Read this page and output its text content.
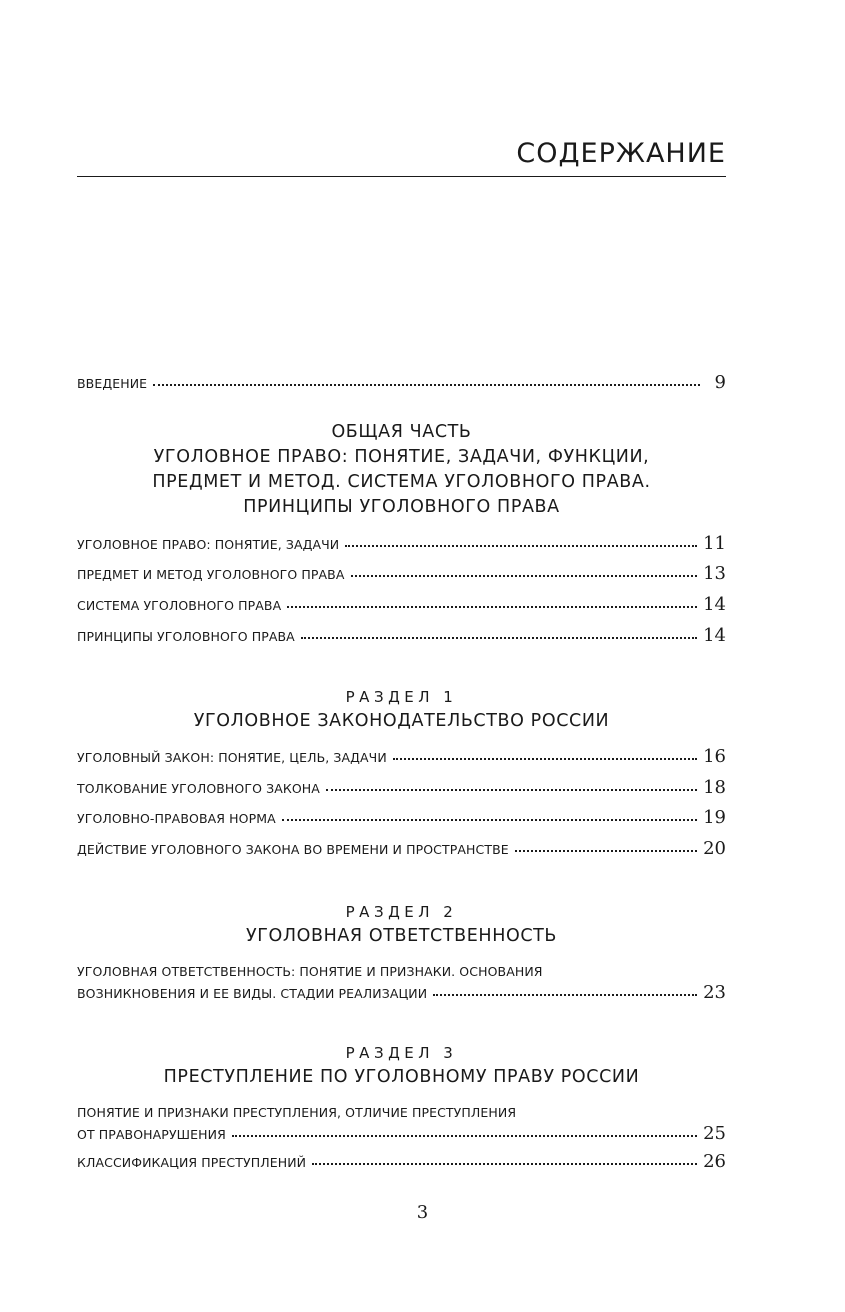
СОДЕРЖАНИЕ
ВВЕДЕНИЕ	9
ОБЩАЯ ЧАСТЬ
УГОЛОВНОЕ ПРАВО: ПОНЯТИЕ, ЗАДАЧИ, ФУНКЦИИ,
ПРЕДМЕТ И МЕТОД. СИСТЕМА УГОЛОВНОГО ПРАВА.
ПРИНЦИПЫ УГОЛОВНОГО ПРАВА
УГОЛОВНОЕ ПРАВО: ПОНЯТИЕ, ЗАДАЧИ	11
ПРЕДМЕТ И МЕТОД УГОЛОВНОГО ПРАВА	13
СИСТЕМА УГОЛОВНОГО ПРАВА	14
ПРИНЦИПЫ УГОЛОВНОГО ПРАВА	14
РАЗДЕЛ 1
УГОЛОВНОЕ ЗАКОНОДАТЕЛЬСТВО РОССИИ
УГОЛОВНЫЙ ЗАКОН: ПОНЯТИЕ, ЦЕЛЬ, ЗАДАЧИ	16
ТОЛКОВАНИЕ УГОЛОВНОГО ЗАКОНА	18
УГОЛОВНО-ПРАВОВАЯ НОРМА	19
ДЕЙСТВИЕ УГОЛОВНОГО ЗАКОНА ВО ВРЕМЕНИ И ПРОСТРАНСТВЕ	20
РАЗДЕЛ 2
УГОЛОВНАЯ ОТВЕТСТВЕННОСТЬ
УГОЛОВНАЯ ОТВЕТСТВЕННОСТЬ: ПОНЯТИЕ И ПРИЗНАКИ. ОСНОВАНИЯ
ВОЗНИКНОВЕНИЯ И ЕЕ ВИДЫ. СТАДИИ РЕАЛИЗАЦИИ	23
РАЗДЕЛ 3
ПРЕСТУПЛЕНИЕ ПО УГОЛОВНОМУ ПРАВУ РОССИИ
ПОНЯТИЕ И ПРИЗНАКИ ПРЕСТУПЛЕНИЯ, ОТЛИЧИЕ ПРЕСТУПЛЕНИЯ
ОТ ПРАВОНАРУШЕНИЯ	25
КЛАССИФИКАЦИЯ ПРЕСТУПЛЕНИЙ	26
3
